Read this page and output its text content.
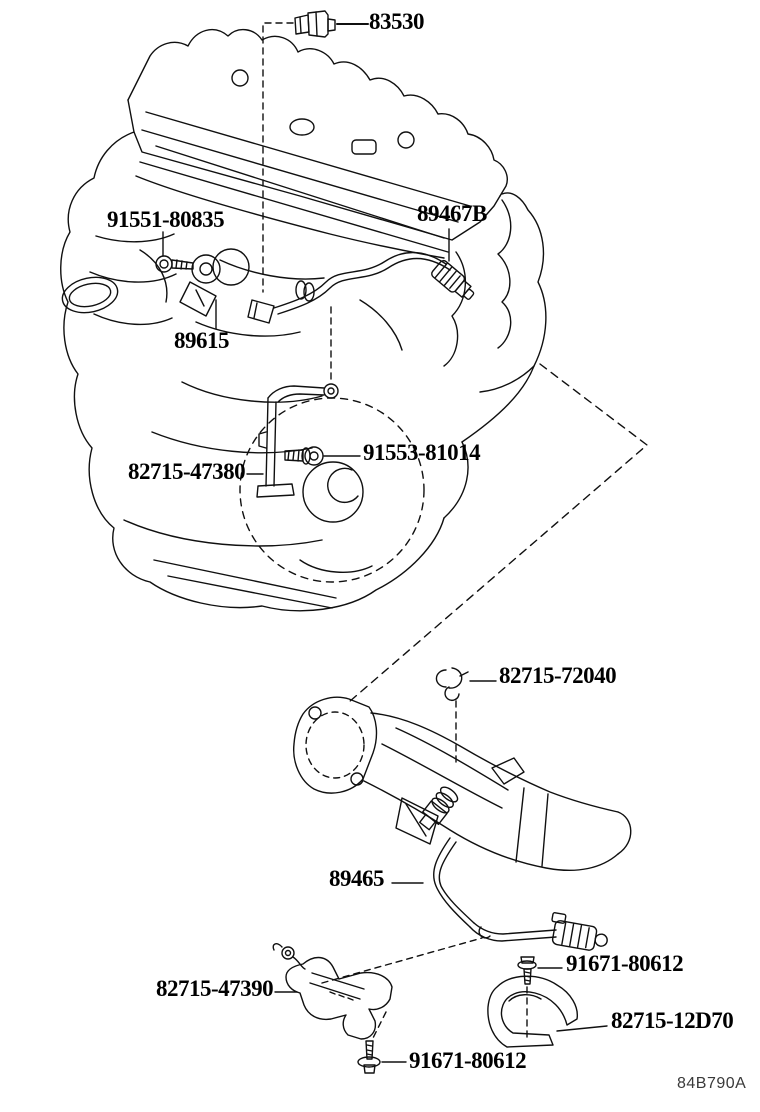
83530
91551-80835	89467B
89615
82715-47380
91553-81014
82715-72040
89465
91671-80612
82715-47390
82715-12D70
91671-80612
84B790A
